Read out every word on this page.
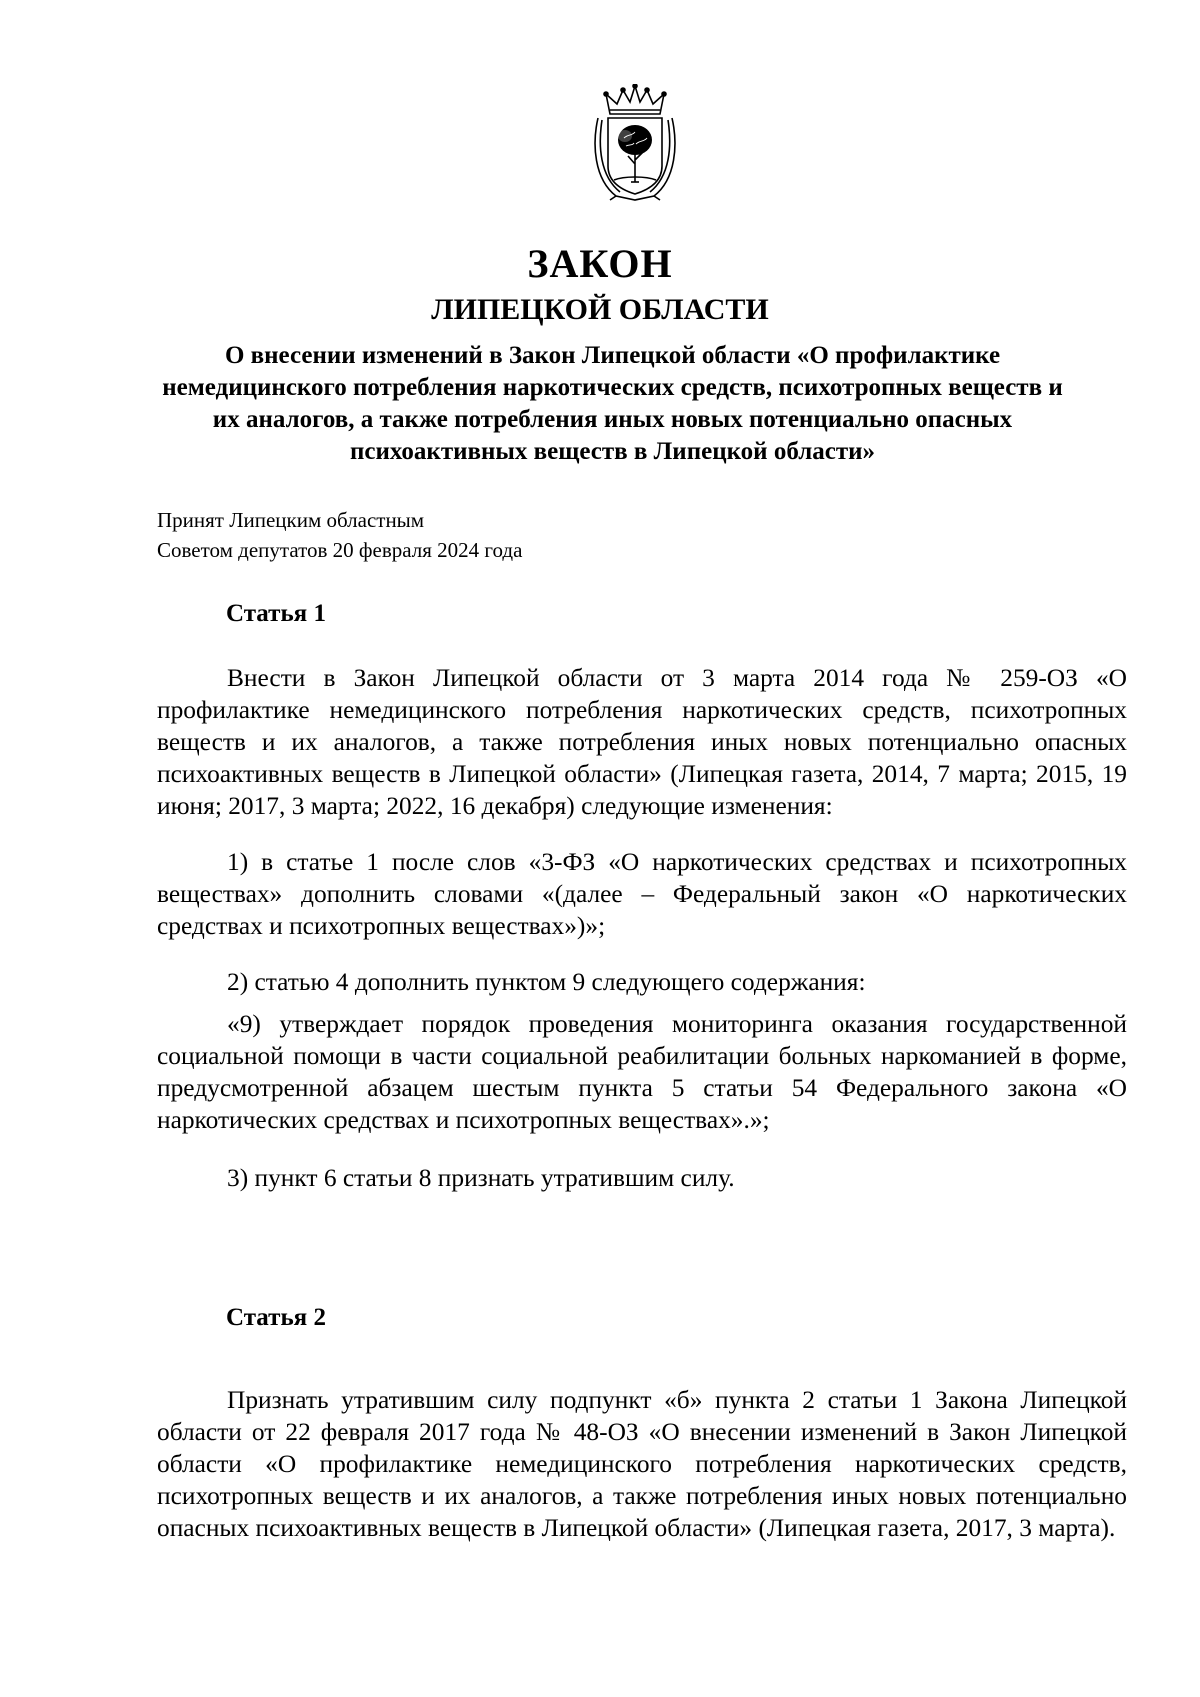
ЗАКОН
ЛИПЕЦКОЙ ОБЛАСТИ

О внесении изменений в Закон Липецкой области «О профилактике немедицинского потребления наркотических средств, психотропных веществ и их аналогов, а также потребления иных новых потенциально опасных психоактивных веществ в Липецкой области»

Принят Липецким областным
Советом депутатов 20 февраля 2024 года
Статья 1

Внести в Закон Липецкой области от 3 марта 2014 года № 259-ОЗ «О профилактике немедицинского потребления наркотических средств, психотропных веществ и их аналогов, а также потребления иных новых потенциально опасных психоактивных веществ в Липецкой области» (Липецкая газета, 2014, 7 марта; 2015, 19 июня; 2017, 3 марта; 2022, 16 декабря) следующие изменения:

1) в статье 1 после слов «3-ФЗ «О наркотических средствах и психотропных веществах» дополнить словами «(далее – Федеральный закон «О наркотических средствах и психотропных веществах»)»;

2) статью 4 дополнить пунктом 9 следующего содержания:

«9) утверждает порядок проведения мониторинга оказания государственной социальной помощи в части социальной реабилитации больных наркоманией в форме, предусмотренной абзацем шестым пункта 5 статьи 54 Федерального закона «О наркотических средствах и психотропных веществах».»;

3) пункт 6 статьи 8 признать утратившим силу.

Статья 2

Признать утратившим силу подпункт «б» пункта 2 статьи 1 Закона Липецкой области от 22 февраля 2017 года № 48-ОЗ «О внесении изменений в Закон Липецкой области «О профилактике немедицинского потребления наркотических средств, психотропных веществ и их аналогов, а также потребления иных новых потенциально опасных психоактивных веществ в Липецкой области» (Липецкая газета, 2017, 3 марта).
